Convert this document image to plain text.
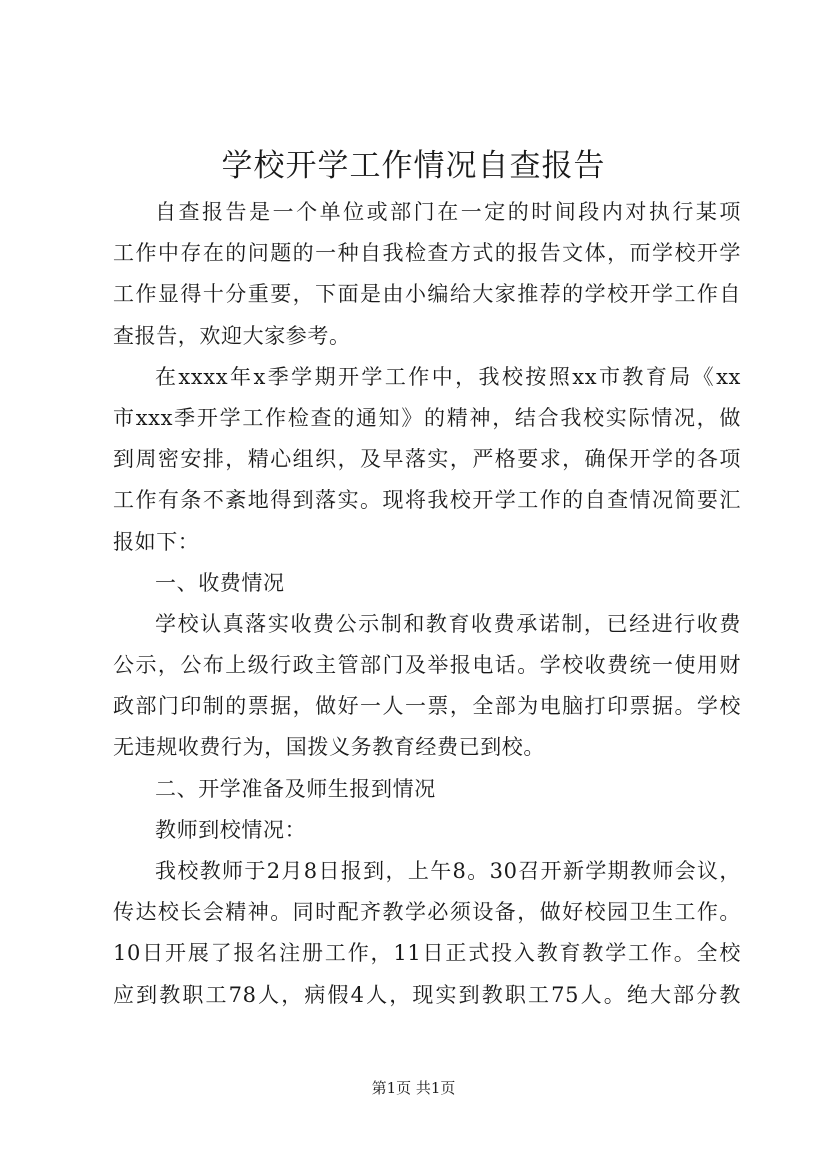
学校开学工作情况自查报告
自查报告是一个单位或部门在一定的时间段内对执行某项
工作中存在的问题的一种自我检查方式的报告文体，而学校开学
工作显得十分重要，下面是由小编给大家推荐的学校开学工作自
查报告，欢迎大家参考。
在xxxx年x季学期开学工作中，我校按照xx市教育局《xx
市xxx季开学工作检查的通知》的精神，结合我校实际情况，做
到周密安排，精心组织，及早落实，严格要求，确保开学的各项
工作有条不紊地得到落实。现将我校开学工作的自查情况简要汇
报如下：
一、收费情况
学校认真落实收费公示制和教育收费承诺制，已经进行收费
公示，公布上级行政主管部门及举报电话。学校收费统一使用财
政部门印制的票据，做好一人一票，全部为电脑打印票据。学校
无违规收费行为，国拨义务教育经费已到校。
二、开学准备及师生报到情况
教师到校情况：
我校教师于2月8日报到，上午8。30召开新学期教师会议，
传达校长会精神。同时配齐教学必须设备，做好校园卫生工作。
10日开展了报名注册工作，11日正式投入教育教学工作。全校
应到教职工78人，病假4人，现实到教职工75人。绝大部分教
第1页 共1页
